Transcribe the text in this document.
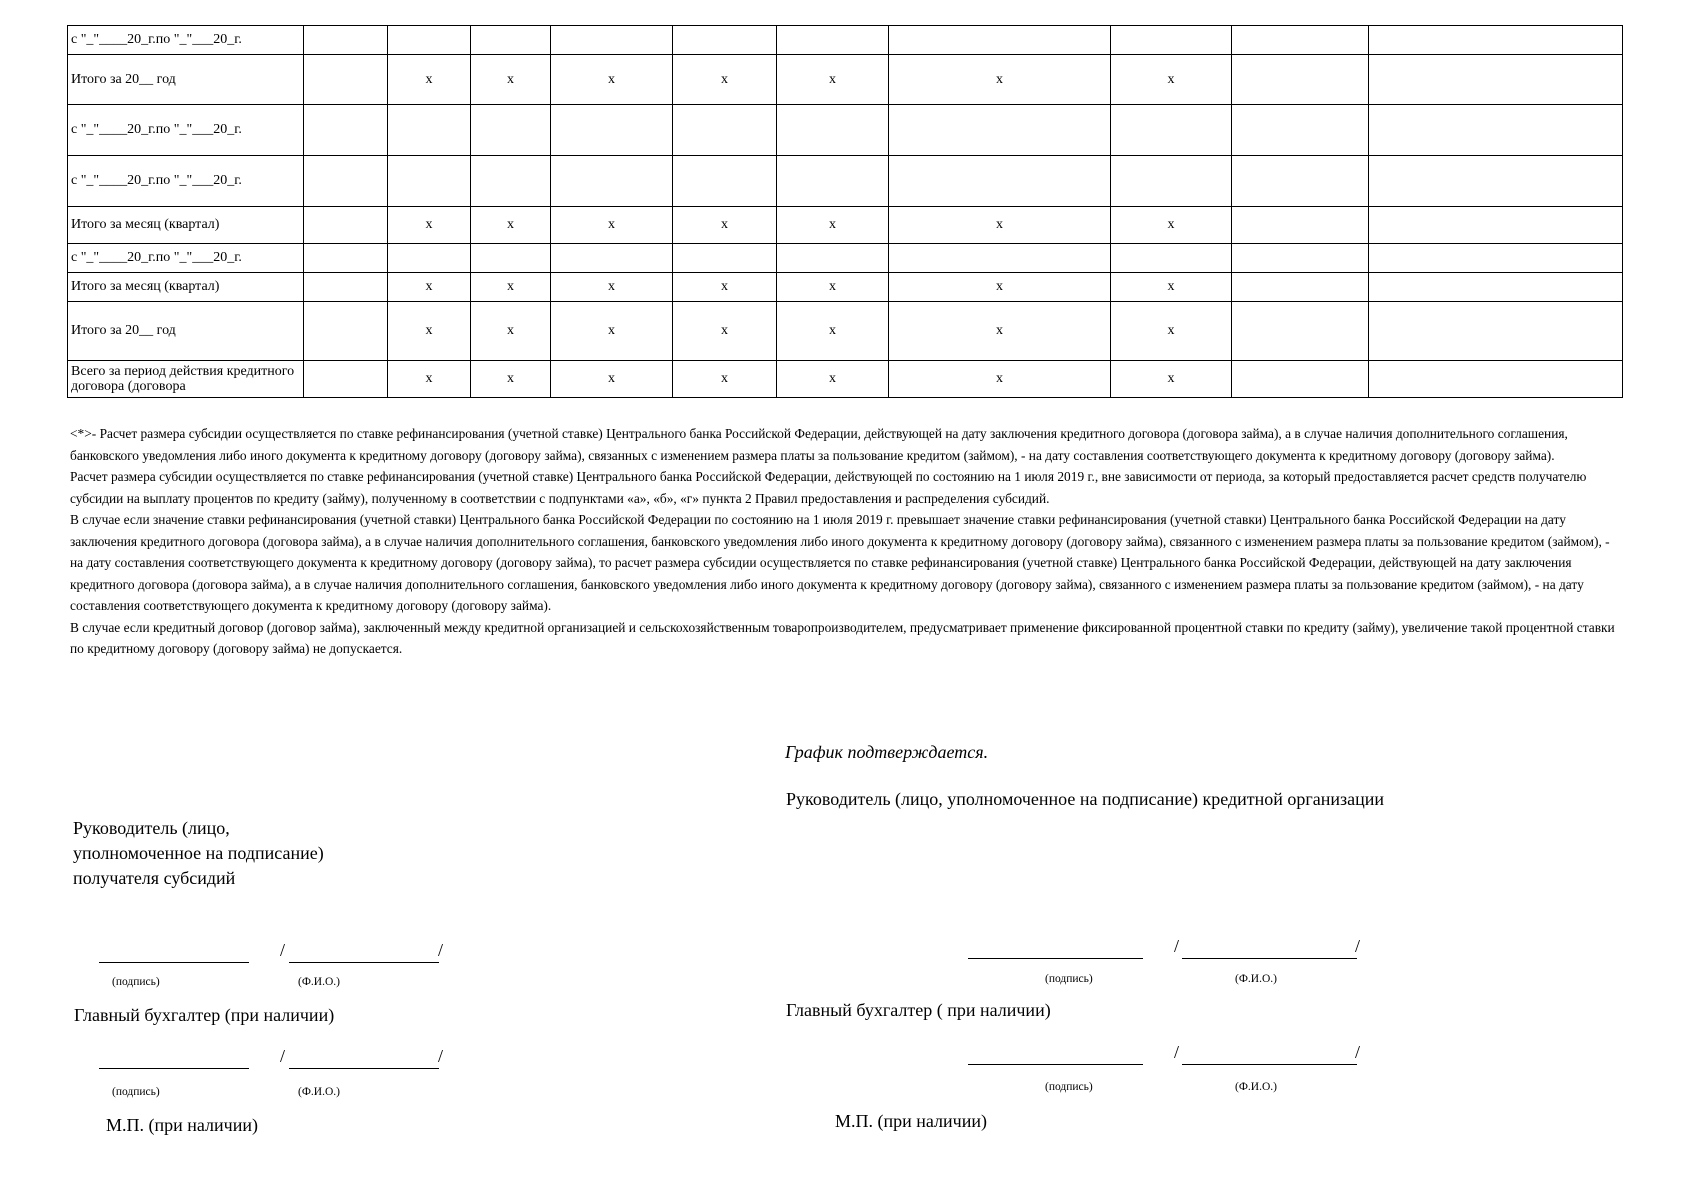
с "_"____20_г.по "_"___20_г.										
Итого за 20__ год		x	x	x	x	x	x	x		
с "_"____20_г.по "_"___20_г.										
с "_"____20_г.по "_"___20_г.										
Итого за месяц (квартал)		x	x	x	x	x	x	x		
с "_"____20_г.по "_"___20_г.										
Итого за месяц (квартал)		x	x	x	x	x	x	x		
Итого за 20__ год		x	x	x	x	x	x	x		
Всего за период действия кредитного договора (договора		x	x	x	x	x	x	x		

<*>- Расчет размера субсидии осуществляется по ставке рефинансирования (учетной ставке) Центрального банка Российской Федерации, действующей на дату заключения кредитного договора (договора займа), а в случае наличия дополнительного соглашения, банковского уведомления либо иного документа к кредитному договору (договору займа), связанных с изменением размера платы за пользование кредитом (займом), - на дату составления соответствующего документа к кредитному договору (договору займа).

Расчет размера субсидии осуществляется по ставке рефинансирования (учетной ставке) Центрального банка Российской Федерации, действующей по состоянию на 1 июля 2019 г., вне зависимости от периода, за который предоставляется расчет средств получателю субсидии на выплату процентов по кредиту (займу), полученному в соответствии с подпунктами «а», «б», «г» пункта 2 Правил предоставления и распределения субсидий.

В случае если значение ставки рефинансирования (учетной ставки) Центрального банка Российской Федерации по состоянию на 1 июля 2019 г. превышает значение ставки рефинансирования (учетной ставки) Центрального банка Российской Федерации на дату заключения кредитного договора (договора займа), а в случае наличия дополнительного соглашения, банковского уведомления либо иного документа к кредитному договору (договору займа), связанного с изменением размера платы за пользование кредитом (займом), - на дату составления соответствующего документа к кредитному договору (договору займа), то расчет размера субсидии осуществляется по ставке рефинансирования (учетной ставке) Центрального банка Российской Федерации, действующей на дату заключения кредитного договора (договора займа), а в случае наличия дополнительного соглашения, банковского уведомления либо иного документа к кредитному договору (договору займа), связанного с изменением размера платы за пользование кредитом (займом), - на дату составления соответствующего документа к кредитному договору (договору займа).

В случае если кредитный договор (договор займа), заключенный между кредитной организацией и сельскохозяйственным товаропроизводителем, предусматривает применение фиксированной процентной ставки по кредиту (займу), увеличение такой процентной ставки по кредитному договору (договору займа) не допускается.

Руководитель (лицо,
уполномоченное на подписание)
получателя субсидий
/	/
(подпись)	(Ф.И.О.)
Главный бухгалтер (при наличии)
/	/
(подпись)	(Ф.И.О.)
М.П. (при наличии)
График подтверждается.
Руководитель (лицо, уполномоченное на подписание) кредитной организации
/	/
(подпись)	(Ф.И.О.)
Главный бухгалтер ( при наличии)
/	/
(подпись)	(Ф.И.О.)
М.П. (при наличии)
